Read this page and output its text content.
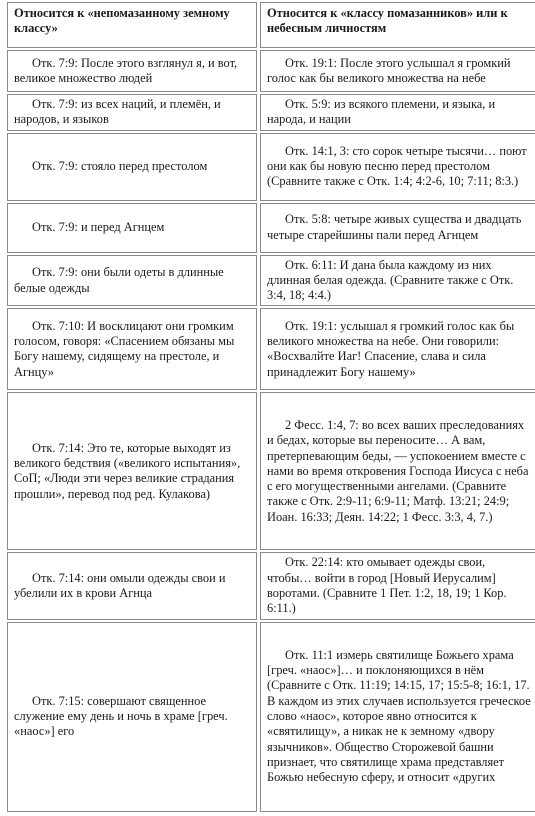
Относится к «непомазанному земному классу»	Относится к «классу помазанников» или к небесным личностям

Отк. 7:9: После этого взглянул я, и вот, великое множество людей	Отк. 19:1: После этого услышал я громкий голос как бы великого множества на небе

Отк. 7:9: из всех наций, и племён, и народов, и языков	Отк. 5:9: из всякого племени, и языка, и народа, и нации

Отк. 7:9: стояло перед престолом	Отк. 14:1, 3: сто сорок четыре тысячи… поют они как бы новую песню перед престолом (Сравните также с Отк. 1:4; 4:2-6, 10; 7:11; 8:3.)

Отк. 7:9: и перед Агнцем	Отк. 5:8: четыре живых существа и двадцать четыре старейшины пали перед Агнцем

Отк. 7:9: они были одеты в длинные белые одежды	Отк. 6:11: И дана была каждому из них длинная белая одежда. (Сравните также с Отк. 3:4, 18; 4:4.)

Отк. 7:10: И восклицают они громким голосом, говоря: «Спасением обязаны мы Богу нашему, сидящему на престоле, и Агнцу»	Отк. 19:1: услышал я громкий голос как бы великого множества на небе. Они говорили: «Восхвалйте Иаг! Спасение, слава и сила принадлежит Богу нашему»

Отк. 7:14: Это те, которые выходят из великого бедствия («великого испытания», СоП; «Люди эти через великие страдания прошли», перевод под ред. Кулакова)	2 Фесс. 1:4, 7: во всех ваших преследованиях и бедах, которые вы переносите… А вам, претерпевающим беды, — успокоением вместе с нами во время откровения Господа Иисуса с неба с его могущественными ангелами. (Сравните также с Отк. 2:9-11; 6:9-11; Матф. 13:21; 24:9; Иоан. 16:33; Деян. 14:22; 1 Фесс. 3:3, 4, 7.)

Отк. 7:14: они омыли одежды свои и убелили их в крови Агнца	Отк. 22:14: кто омывает одежды свои, чтобы… войти в город [Новый Иерусалим] воротами. (Сравните 1 Пет. 1:2, 18, 19; 1 Кор. 6:11.)

Отк. 7:15: совершают священное служение ему день и ночь в храме [греч. «наос»] его	Отк. 11:1 измерь святилище Божьего храма [греч. «наос»]… и поклоняющихся в нём (Сравните с Отк. 11:19; 14:15, 17; 15:5-8; 16:1, 17. В каждом из этих случаев используется греческое слово «наос», которое явно относится к «святилищу», а никак не к земному «двору язычников». Общество Сторожевой башни признает, что святилище храма представляет Божью небесную сферу, и относит «других
